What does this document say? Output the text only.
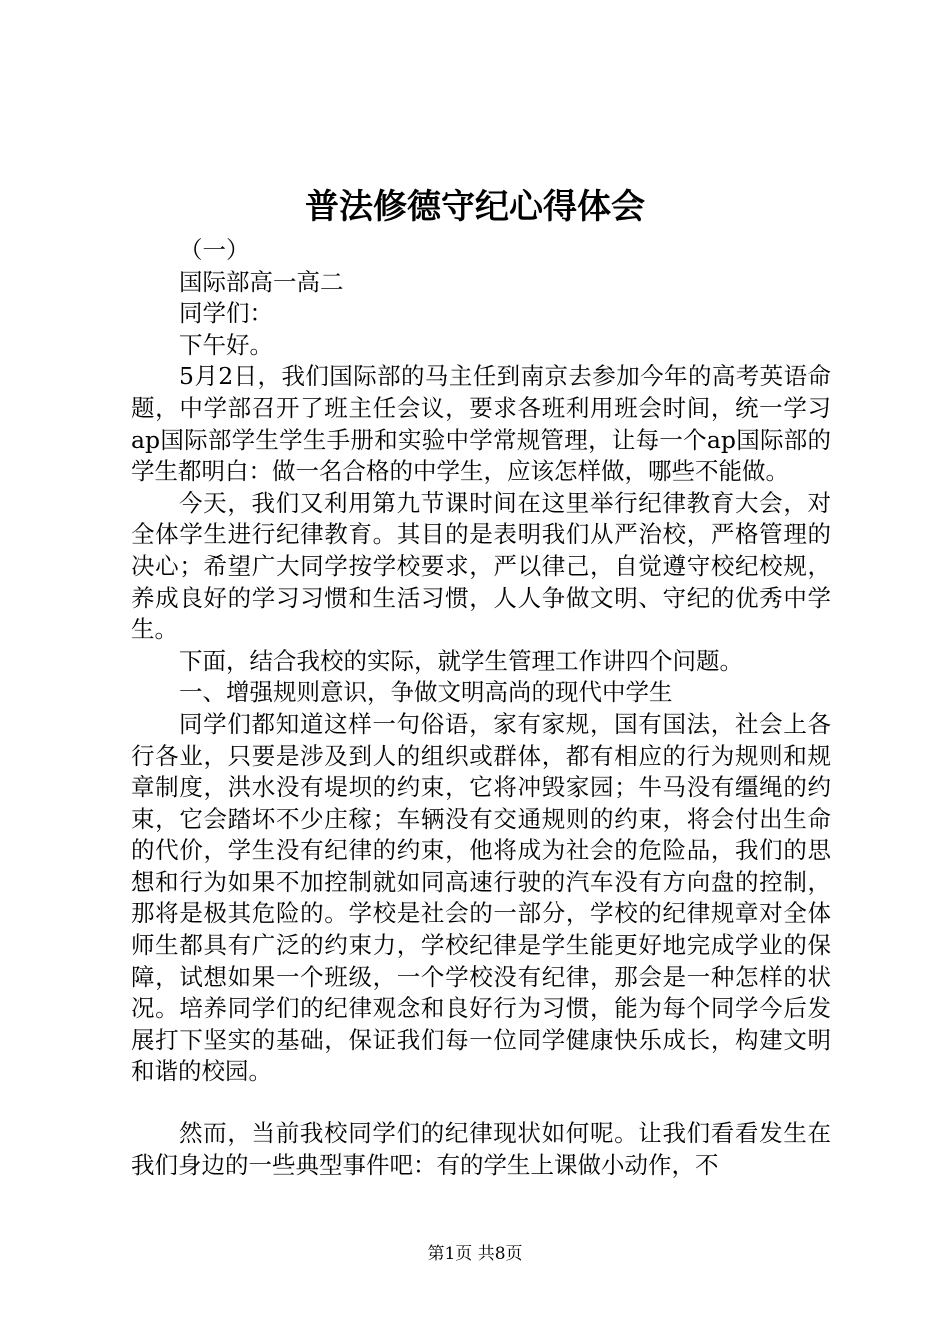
普法修德守纪心得体会

（一）

国际部高一高二

同学们：

下午好。

5月2日，我们国际部的马主任到南京去参加今年的高考英语命题，中学部召开了班主任会议，要求各班利用班会时间，统一学习ap国际部学生学生手册和实验中学常规管理，让每一个ap国际部的学生都明白：做一名合格的中学生，应该怎样做，哪些不能做。

今天，我们又利用第九节课时间在这里举行纪律教育大会，对全体学生进行纪律教育。其目的是表明我们从严治校，严格管理的决心；希望广大同学按学校要求，严以律己，自觉遵守校纪校规，养成良好的学习习惯和生活习惯，人人争做文明、守纪的优秀中学生。

下面，结合我校的实际，就学生管理工作讲四个问题。

一、增强规则意识，争做文明高尚的现代中学生

同学们都知道这样一句俗语，家有家规，国有国法，社会上各行各业，只要是涉及到人的组织或群体，都有相应的行为规则和规章制度，洪水没有堤坝的约束，它将冲毁家园；牛马没有缰绳的约束，它会踏坏不少庄稼；车辆没有交通规则的约束，将会付出生命的代价，学生没有纪律的约束，他将成为社会的危险品，我们的思想和行为如果不加控制就如同高速行驶的汽车没有方向盘的控制，那将是极其危险的。学校是社会的一部分，学校的纪律规章对全体师生都具有广泛的约束力，学校纪律是学生能更好地完成学业的保障，试想如果一个班级，一个学校没有纪律，那会是一种怎样的状况。培养同学们的纪律观念和良好行为习惯，能为每个同学今后发展打下坚实的基础，保证我们每一位同学健康快乐成长，构建文明和谐的校园。

然而，当前我校同学们的纪律现状如何呢。让我们看看发生在我们身边的一些典型事件吧：有的学生上课做小动作，不

第1页 共8页
